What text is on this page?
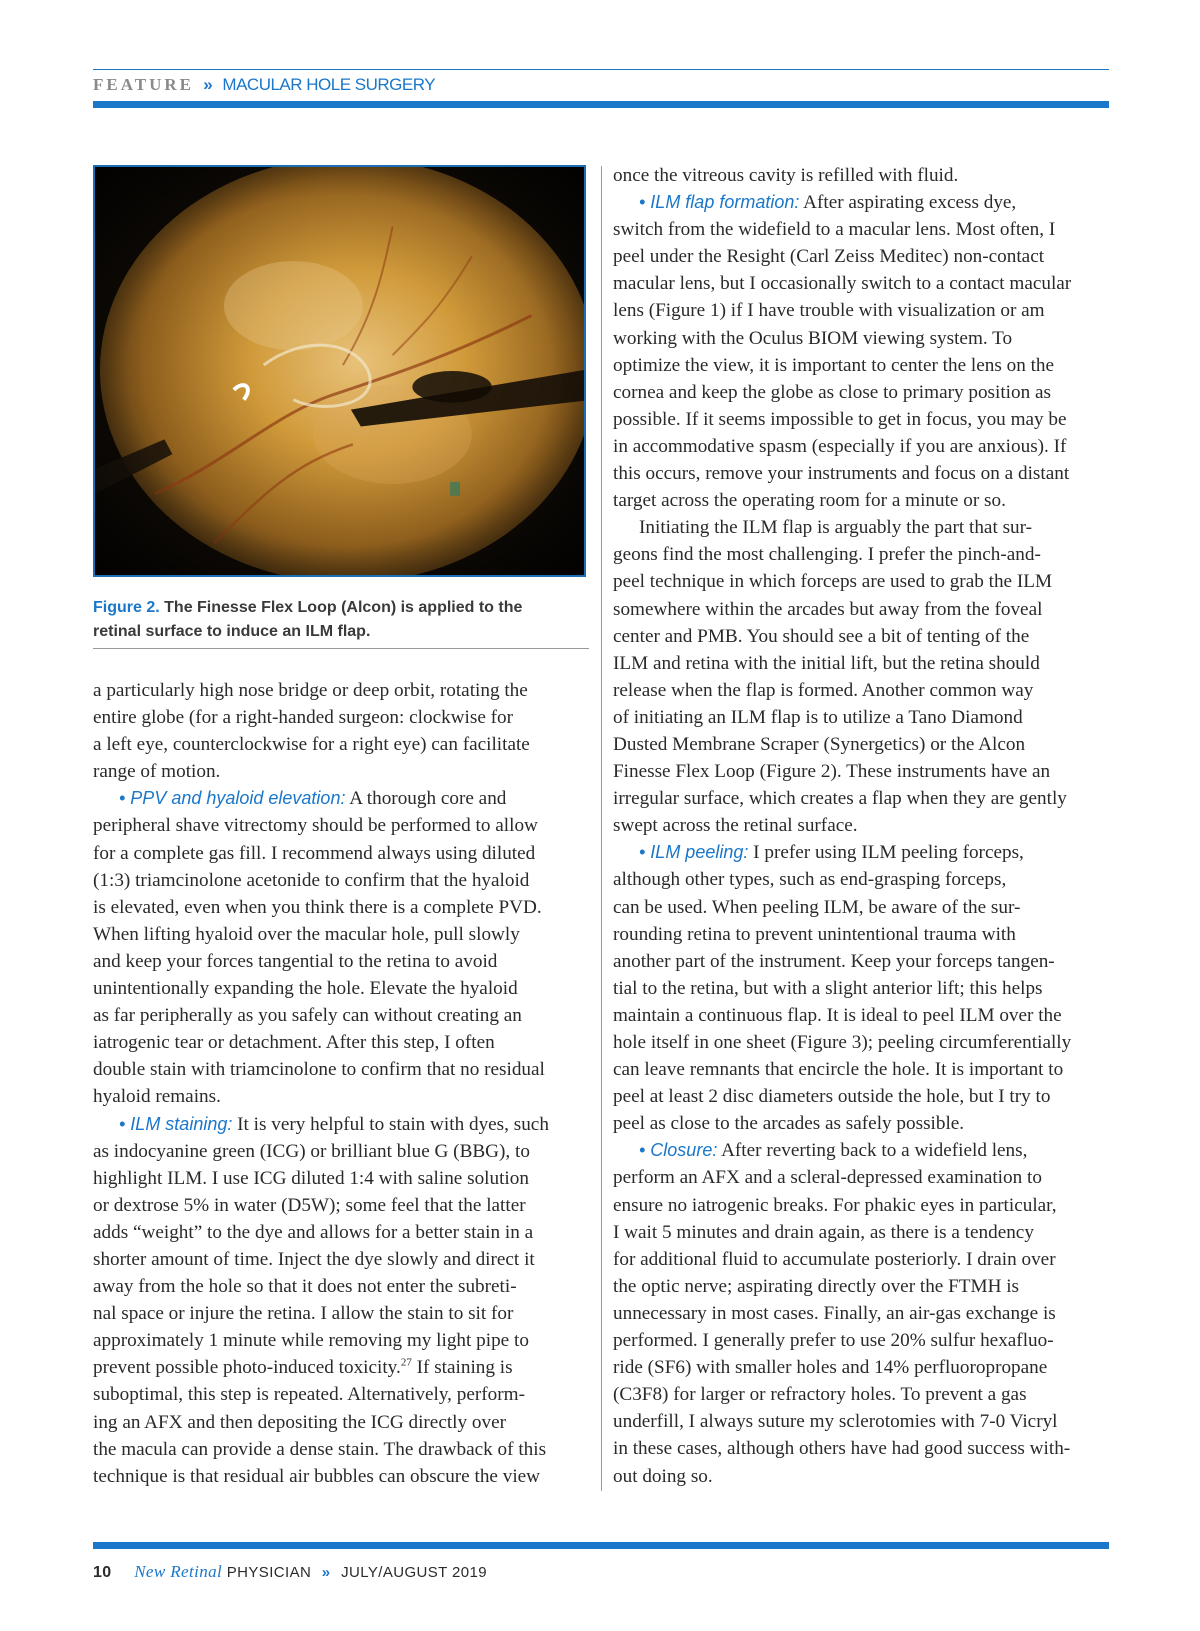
FEATURE » MACULAR HOLE SURGERY
Figure 2. The Finesse Flex Loop (Alcon) is applied to the
retinal surface to induce an ILM flap.

a particularly high nose bridge or deep orbit, rotating the

entire globe (for a right-handed surgeon: clockwise for

a left eye, counterclockwise for a right eye) can facilitate

range of motion.

• PPV and hyaloid elevation: A thorough core and

peripheral shave vitrectomy should be performed to allow

for a complete gas fill. I recommend always using diluted

(1:3) triamcinolone acetonide to confirm that the hyaloid

is elevated, even when you think there is a complete PVD.

When lifting hyaloid over the macular hole, pull slowly

and keep your forces tangential to the retina to avoid

unintentionally expanding the hole. Elevate the hyaloid

as far peripherally as you safely can without creating an

iatrogenic tear or detachment. After this step, I often

double stain with triamcinolone to confirm that no residual

hyaloid remains.

• ILM staining: It is very helpful to stain with dyes, such

as indocyanine green (ICG) or brilliant blue G (BBG), to

highlight ILM. I use ICG diluted 1:4 with saline solution

or dextrose 5% in water (D5W); some feel that the latter

adds “weight” to the dye and allows for a better stain in a

shorter amount of time. Inject the dye slowly and direct it

away from the hole so that it does not enter the subreti-

nal space or injure the retina. I allow the stain to sit for

approximately 1 minute while removing my light pipe to

prevent possible photo-induced toxicity.$^{27}$ If staining is

suboptimal, this step is repeated. Alternatively, perform-

ing an AFX and then depositing the ICG directly over

the macula can provide a dense stain. The drawback of this

technique is that residual air bubbles can obscure the view

once the vitreous cavity is refilled with fluid.

• ILM flap formation: After aspirating excess dye,

switch from the widefield to a macular lens. Most often, I

peel under the Resight (Carl Zeiss Meditec) non-contact

macular lens, but I occasionally switch to a contact macular

lens (Figure 1) if I have trouble with visualization or am

working with the Oculus BIOM viewing system. To

optimize the view, it is important to center the lens on the

cornea and keep the globe as close to primary position as

possible. If it seems impossible to get in focus, you may be

in accommodative spasm (especially if you are anxious). If

this occurs, remove your instruments and focus on a distant

target across the operating room for a minute or so.

Initiating the ILM flap is arguably the part that sur-

geons find the most challenging. I prefer the pinch-and-

peel technique in which forceps are used to grab the ILM

somewhere within the arcades but away from the foveal

center and PMB. You should see a bit of tenting of the

ILM and retina with the initial lift, but the retina should

release when the flap is formed. Another common way

of initiating an ILM flap is to utilize a Tano Diamond

Dusted Membrane Scraper (Synergetics) or the Alcon

Finesse Flex Loop (Figure 2). These instruments have an

irregular surface, which creates a flap when they are gently

swept across the retinal surface.

• ILM peeling: I prefer using ILM peeling forceps,

although other types, such as end-grasping forceps,

can be used. When peeling ILM, be aware of the sur-

rounding retina to prevent unintentional trauma with

another part of the instrument. Keep your forceps tangen-

tial to the retina, but with a slight anterior lift; this helps

maintain a continuous flap. It is ideal to peel ILM over the

hole itself in one sheet (Figure 3); peeling circumferentially

can leave remnants that encircle the hole. It is important to

peel at least 2 disc diameters outside the hole, but I try to

peel as close to the arcades as safely possible.

• Closure: After reverting back to a widefield lens,

perform an AFX and a scleral-depressed examination to

ensure no iatrogenic breaks. For phakic eyes in particular,

I wait 5 minutes and drain again, as there is a tendency

for additional fluid to accumulate posteriorly. I drain over

the optic nerve; aspirating directly over the FTMH is

unnecessary in most cases. Finally, an air-gas exchange is

performed. I generally prefer to use 20% sulfur hexafluo-

ride (SF6) with smaller holes and 14% perfluoropropane

(C3F8) for larger or refractory holes. To prevent a gas

underfill, I always suture my sclerotomies with 7-0 Vicryl

in these cases, although others have had good success with-

out doing so.

10 New Retinal PHYSICIAN » JULY/AUGUST 2019
